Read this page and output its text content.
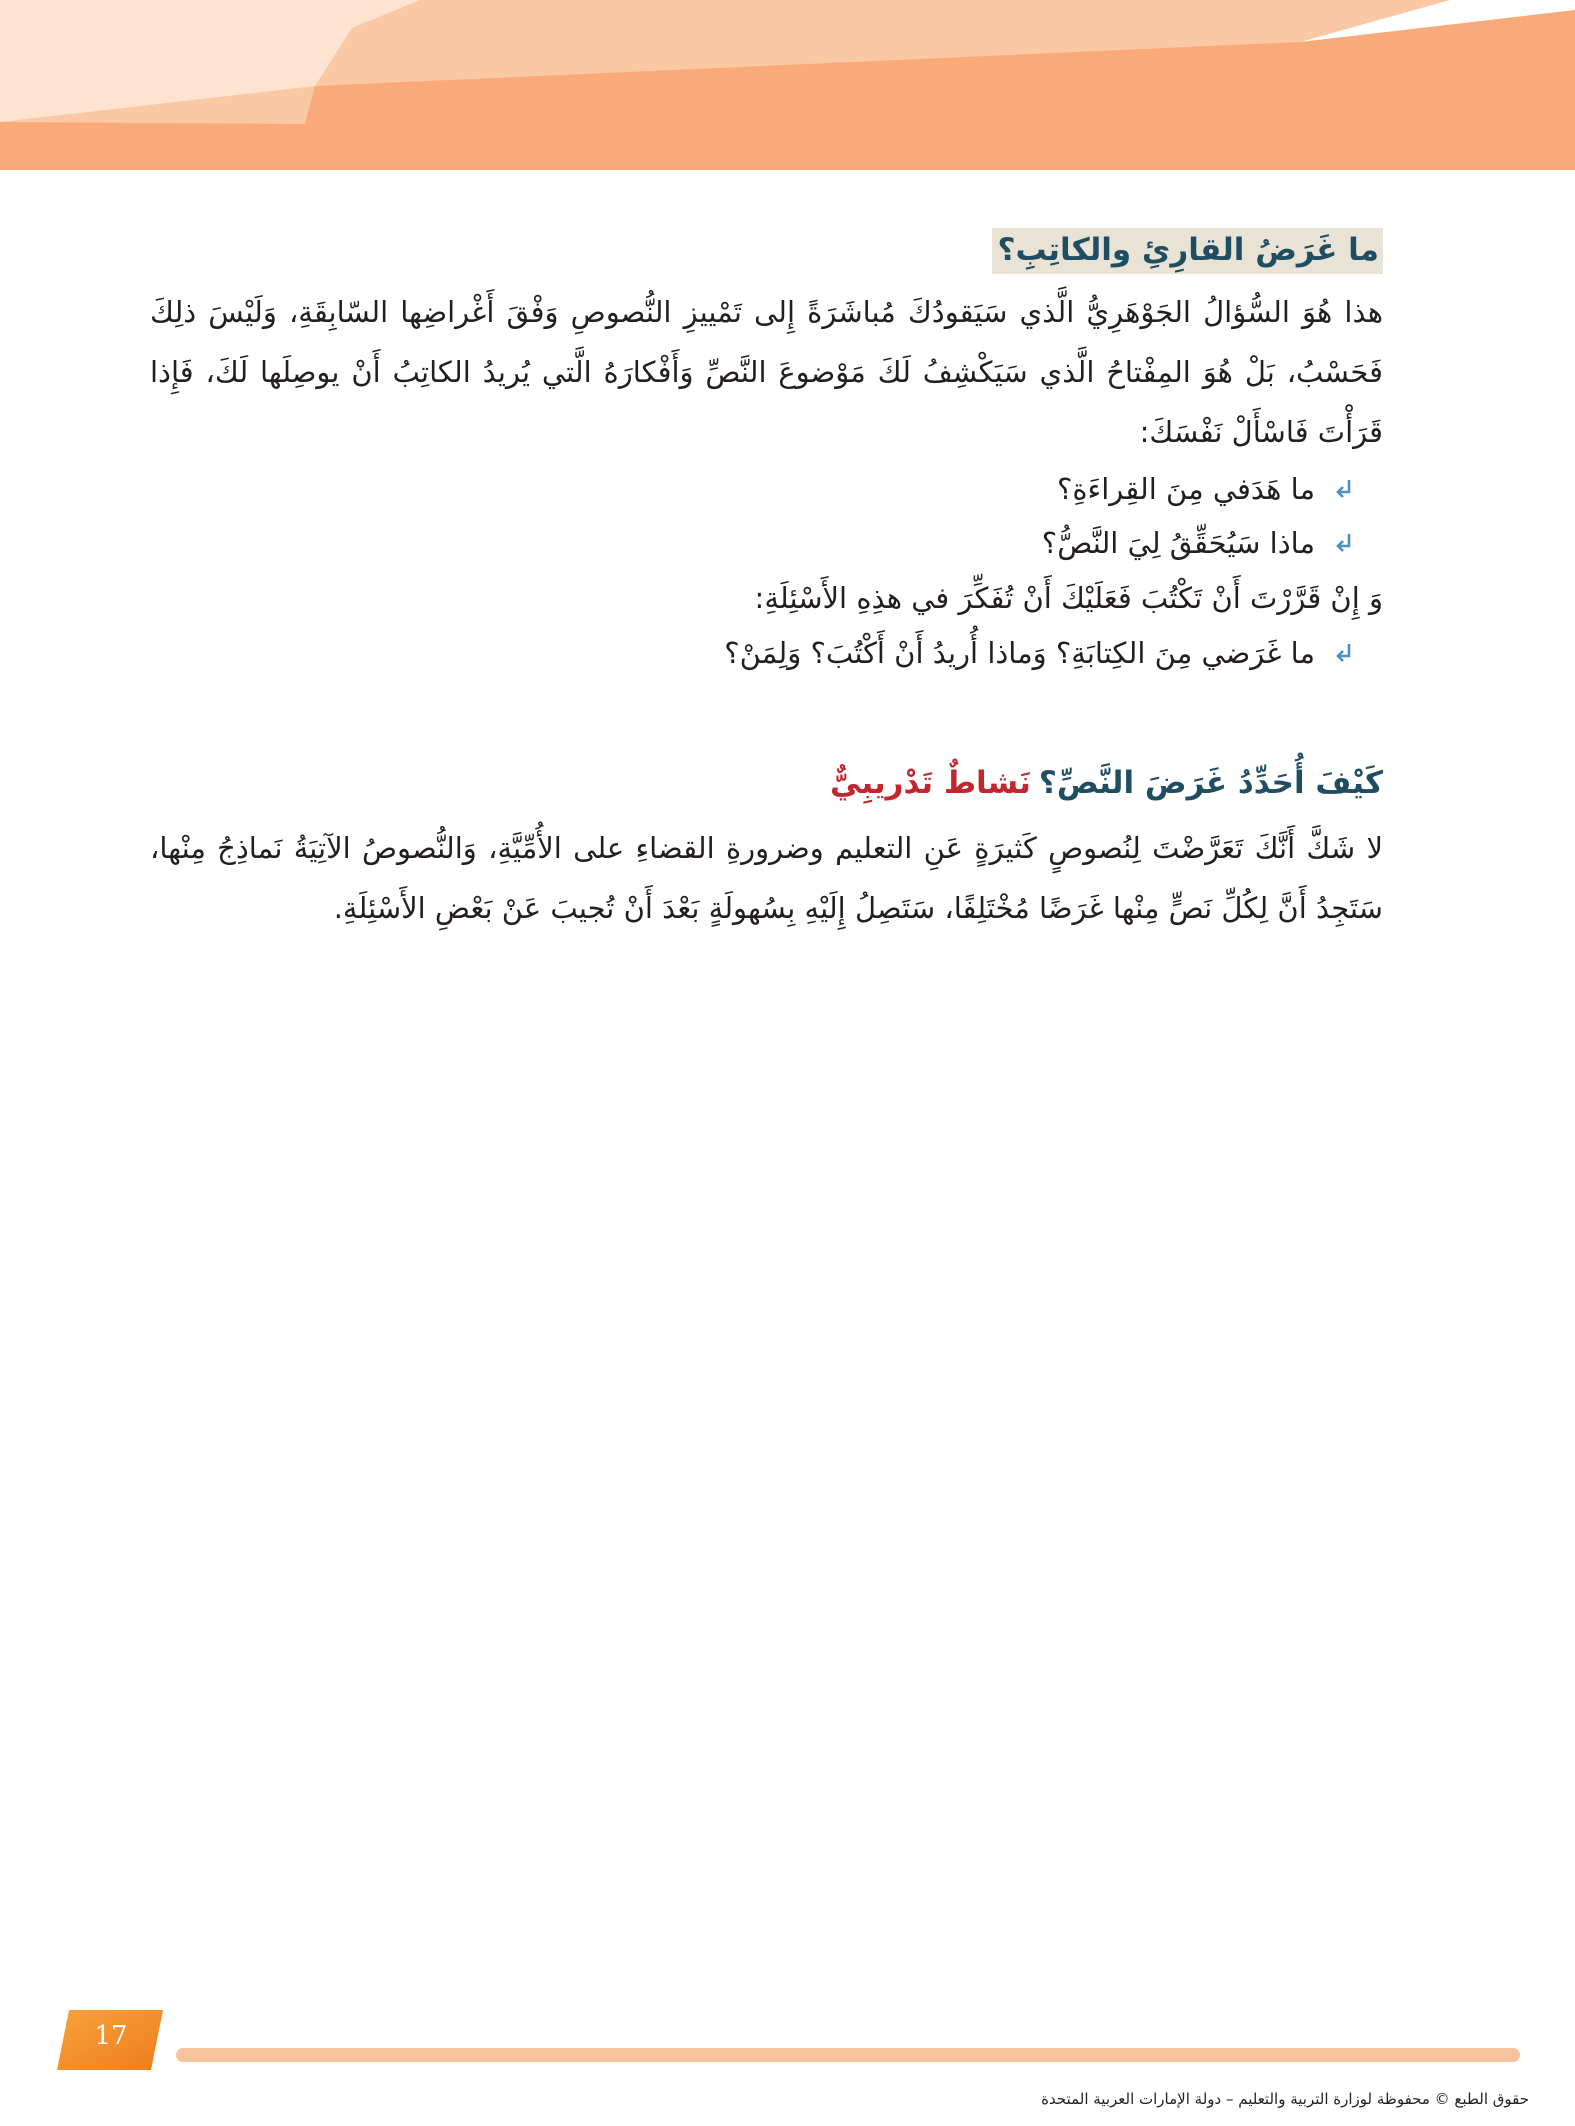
ما غَرَضُ القارِئِ والكاتِبِ؟

هذا هُوَ السُّؤالُ الجَوْهَرِيُّ الَّذي سَيَقودُكَ مُباشَرَةً إِلى تَمْييزِ النُّصوصِ وَفْقَ أَغْراضِها السّابِقَةِ، وَلَيْسَ ذلِكَ فَحَسْبُ، بَلْ هُوَ المِفْتاحُ الَّذي سَيَكْشِفُ لَكَ مَوْضوعَ النَّصِّ وَأَفْكارَهُ الَّتي يُريدُ الكاتِبُ أَنْ يوصِلَها لَكَ، فَإِذا قَرَأْتَ فَاسْأَلْ نَفْسَكَ:

ما هَدَفي مِنَ القِراءَةِ؟
ماذا سَيُحَقِّقُ لِيَ النَّصُّ؟

وَ إِنْ قَرَّرْتَ أَنْ تَكْتُبَ فَعَلَيْكَ أَنْ تُفَكِّرَ في هذِهِ الأَسْئِلَةِ:

ما غَرَضي مِنَ الكِتابَةِ؟ وَماذا أُريدُ أَنْ أَكْتُبَ؟ وَلِمَنْ؟
كَيْفَ أُحَدِّدُ غَرَضَ النَّصِّ؟نَشاطٌ تَدْريبِيٌّ

لا شَكَّ أَنَّكَ تَعَرَّضْتَ لِنُصوصٍ كَثيرَةٍ عَنِ التعليم وضرورةِ القضاءِ على الأُمِّيَّةِ، وَالنُّصوصُ الآتِيَةُ نَماذِجُ مِنْها، سَتَجِدُ أَنَّ لِكُلِّ نَصٍّ مِنْها غَرَضًا مُخْتَلِفًا، سَتَصِلُ إِلَيْهِ بِسُهولَةٍ بَعْدَ أَنْ تُجيبَ عَنْ بَعْضِ الأَسْئِلَةِ.

17
حقوق الطبع © محفوظة لوزارة التربية والتعليم – دولة الإمارات العربية المتحدة
